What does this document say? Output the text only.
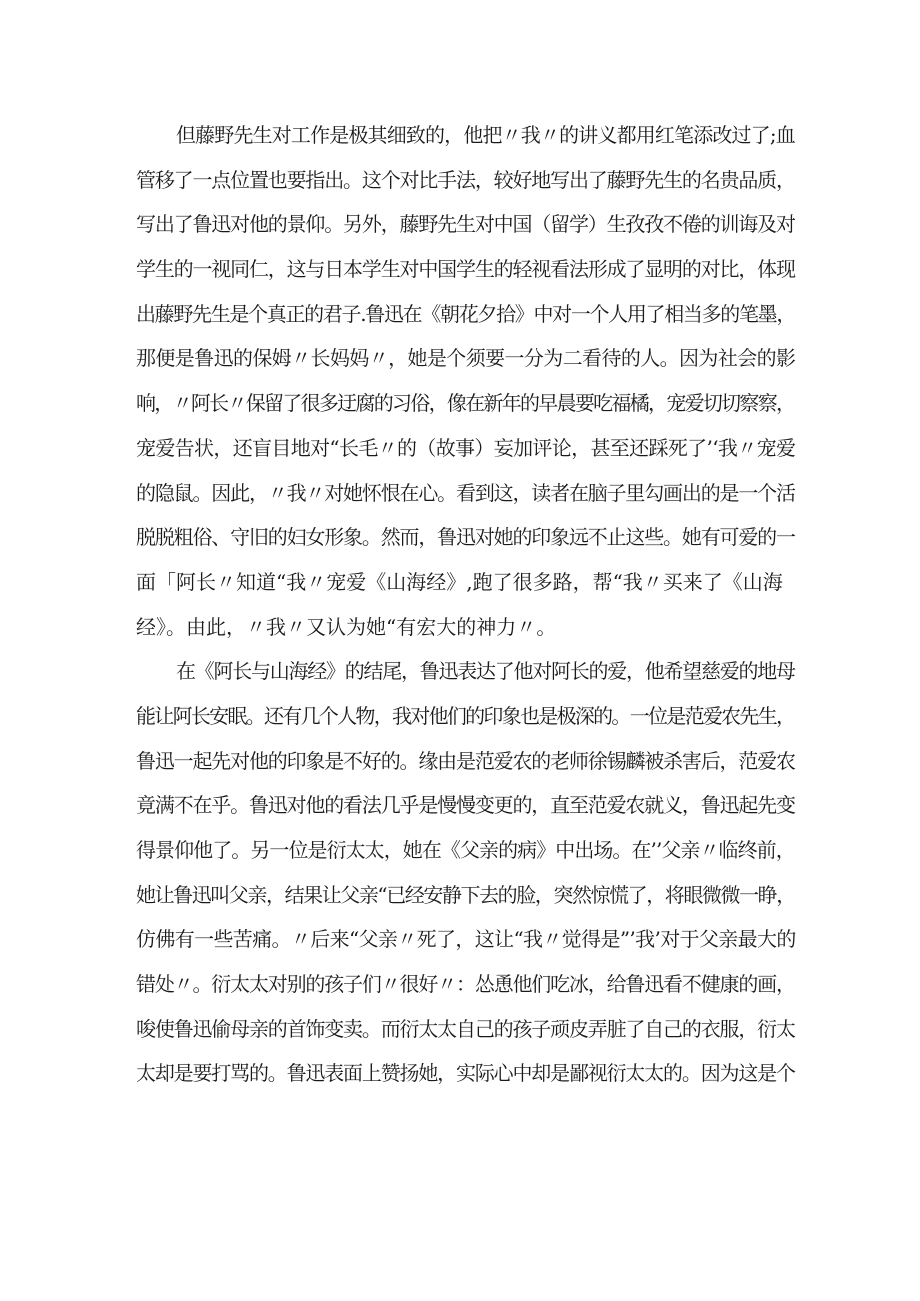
但藤野先生对工作是极其细致的，他把〃我〃的讲义都用红笔添改过了;血
管移了一点位置也要指出。这个对比手法，较好地写出了藤野先生的名贵品质，
写出了鲁迅对他的景仰。另外，藤野先生对中国（留学）生孜孜不倦的训诲及对
学生的一视同仁，这与日本学生对中国学生的轻视看法形成了显明的对比，体现
出藤野先生是个真正的君子.鲁迅在《朝花夕拾》中对一个人用了相当多的笔墨，
那便是鲁迅的保姆〃长妈妈〃，她是个须要一分为二看待的人。因为社会的影
响，〃阿长〃保留了很多迂腐的习俗，像在新年的早晨要吃福橘，宠爱切切察察，
宠爱告状，还盲目地对“长毛〃的（故事）妄加评论，甚至还踩死了’‘我〃宠爱
的隐鼠。因此，〃我〃对她怀恨在心。看到这，读者在脑子里勾画出的是一个活
脱脱粗俗、守旧的妇女形象。然而，鲁迅对她的印象远不止这些。她有可爱的一
面「阿长〃知道“我〃宠爱《山海经》,跑了很多路，帮“我〃买来了《山海
经》。由此，〃我〃又认为她“有宏大的神力〃。
在《阿长与山海经》的结尾，鲁迅表达了他对阿长的爱，他希望慈爱的地母
能让阿长安眠。还有几个人物，我对他们的印象也是极深的。一位是范爱农先生，
鲁迅一起先对他的印象是不好的。缘由是范爱农的老师徐锡麟被杀害后，范爱农
竟满不在乎。鲁迅对他的看法几乎是慢慢变更的，直至范爱农就义，鲁迅起先变
得景仰他了。另一位是衍太太，她在《父亲的病》中出场。在’’父亲〃临终前，
她让鲁迅叫父亲，结果让父亲“已经安静下去的脸，突然惊慌了，将眼微微一睁，
仿佛有一些苦痛。〃后来“父亲〃死了，这让“我〃觉得是”’我’对于父亲最大的
错处〃。衍太太对别的孩子们〃很好〃：怂恿他们吃冰，给鲁迅看不健康的画，
唆使鲁迅偷母亲的首饰变卖。而衍太太自己的孩子顽皮弄脏了自己的衣服，衍太
太却是要打骂的。鲁迅表面上赞扬她，实际心中却是鄙视衍太太的。因为这是个
